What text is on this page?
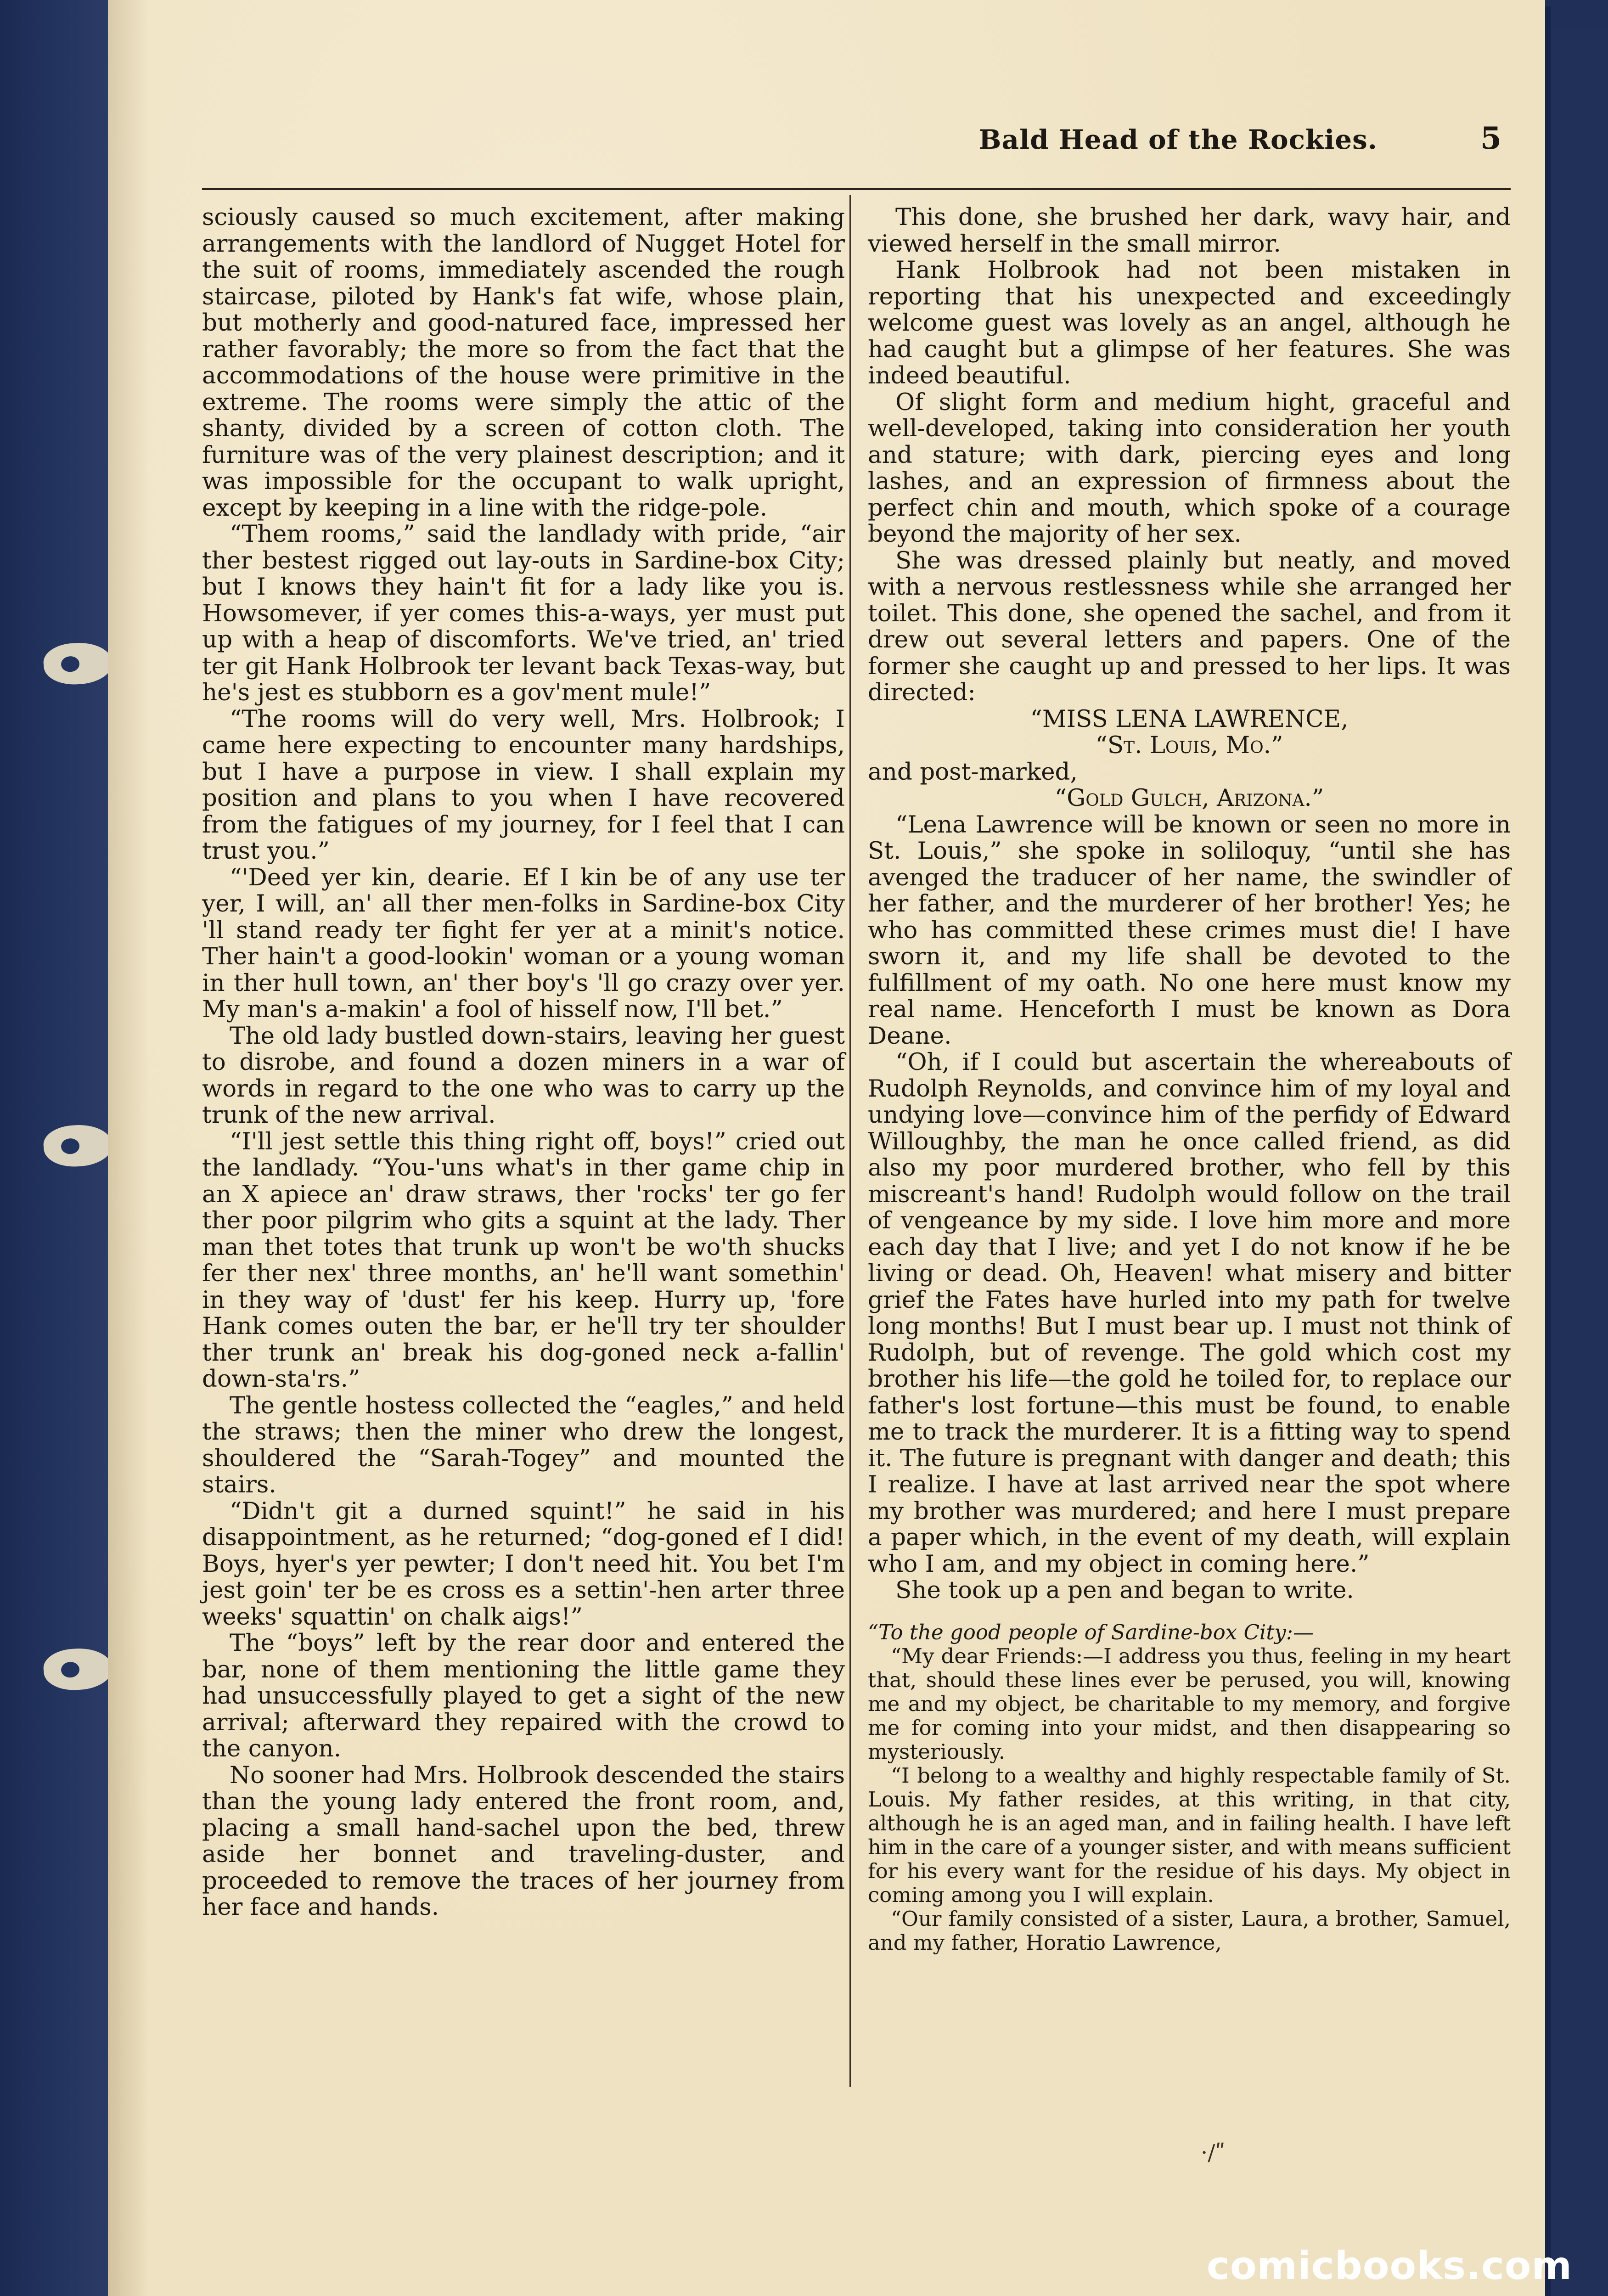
Bald Head of thе Rockies.	5

sciously caused so much excitement, after making arrangements with the landlord of Nugget Hotel for the suit of rooms, immediately ascended the rough staircase, piloted by Hank's fat wife, whose plain, but motherly and good-natured face, impressed her rather favorably; the more so from the fact that the accommodations of the house were primitive in the extreme. The rooms were simply the attic of the shanty, divided by a screen of cotton cloth. The furniture was of the very plainest description; and it was impossible for the occupant to walk upright, except by keeping in a line with the ridge-pole.

“Them rooms,” said the landlady with pride, “air ther bestest rigged out lay-outs in Sardine-box City; but I knows they hain't fit for a lady like you is. Howsomever, if yer comes this-a-ways, yer must put up with a heap of discomforts. We've tried, an' tried ter git Hank Holbrook ter levant back Texas-way, but he's jest es stubborn es a gov'ment mule!”

“The rooms will do very well, Mrs. Holbrook; I came here expecting to encounter many hardships, but I have a purpose in view. I shall explain my position and plans to you when I have recovered from the fatigues of my journey, for I feel that I can trust you.”

“'Deed yer kin, dearie. Ef I kin be of any use ter yer, I will, an' all ther men-folks in Sardine-box City 'll stand ready ter fight fer yer at a minit's notice. Ther hain't a good-lookin' woman or a young woman in ther hull town, an' ther boy's 'll go crazy over yer. My man's a-makin' a fool of hisself now, I'll bet.”

The old lady bustled down-stairs, leaving her guest to disrobe, and found a dozen miners in a war of words in regard to the one who was to carry up the trunk of the new arrival.

“I'll jest settle this thing right off, boys!” cried out the landlady. “You-'uns what's in ther game chip in an X apiece an' draw straws, ther 'rocks' ter go fer ther poor pilgrim who gits a squint at the lady. Ther man thet totes that trunk up won't be wo'th shucks fer ther nex' three months, an' he'll want somethin' in they way of 'dust' fer his keep. Hurry up, 'fore Hank comes outen the bar, er he'll try ter shoulder ther trunk an' break his dog-goned neck a-fallin' down-sta'rs.”

The gentle hostess collected the “eagles,” and held the straws; then the miner who drew the longest, shouldered the “Sarah-Togey” and mounted the stairs.

“Didn't git a durned squint!” he said in his disappointment, as he returned; “dog-goned ef I did! Boys, hyer's yer pewter; I don't need hit. You bet I'm jest goin' ter be es cross es a settin'-hen arter three weeks' squattin' on chalk aigs!”

The “boys” left by the rear door and entered the bar, none of them mentioning the little game they had unsuccessfully played to get a sight of the new arrival; afterward they repaired with the crowd to the canyon.

No sooner had Mrs. Holbrook descended the stairs than the young lady entered the front room, and, placing a small hand-sachel upon the bed, threw aside her bonnet and traveling-duster, and proceeded to remove the traces of her journey from her face and hands.

This done, she brushed her dark, wavy hair, and viewed herself in the small mirror.

Hank Holbrook had not been mistaken in reporting that his unexpected and exceedingly welcome guest was lovely as an angel, although he had caught but a glimpse of her features. She was indeed beautiful.

Of slight form and medium hight, graceful and well-developed, taking into consideration her youth and stature; with dark, piercing eyes and long lashes, and an expression of firmness about the perfect chin and mouth, which spoke of a courage beyond the majority of her sex.

She was dressed plainly but neatly, and moved with a nervous restlessness while she arranged her toilet. This done, she opened the sachel, and from it drew out several letters and papers. One of the former she caught up and pressed to her lips. It was directed:

“MISS LENA LAWRENCE,

“St. Louis, Mo.”

and post-marked,

“Gold Gulch, Arizona.”

“Lena Lawrence will be known or seen no more in St. Louis,” she spoke in soliloquy, “until she has avenged the traducer of her name, the swindler of her father, and the murderer of her brother! Yes; he who has committed these crimes must die! I have sworn it, and my life shall be devoted to the fulfillment of my oath. No one here must know my real name. Henceforth I must be known as Dora Deane.

“Oh, if I could but ascertain the whereabouts of Rudolph Reynolds, and convince him of my loyal and undying love—convince him of the perfidy of Edward Willoughby, the man he once called friend, as did also my poor murdered brother, who fell by this miscreant's hand! Rudolph would follow on the trail of vengeance by my side. I love him more and more each day that I live; and yet I do not know if he be living or dead. Oh, Heaven! what misery and bitter grief the Fates have hurled into my path for twelve long months! But I must bear up. I must not think of Rudolph, but of revenge. The gold which cost my brother his life—the gold he toiled for, to replace our father's lost fortune—this must be found, to enable me to track the murderer. It is a fitting way to spend it. The future is pregnant with danger and death; this I realize. I have at last arrived near the spot where my brother was murdered; and here I must prepare a paper which, in the event of my death, will explain who I am, and my object in coming here.”

She took up a pen and began to write.

“To the good people of Sardine-box City:—

“My dear Friends:—I address you thus, feeling in my heart that, should these lines ever be perused, you will, knowing me and my object, be charitable to my memory, and forgive me for coming into your midst, and then disappearing so mysteriously.

“I belong to a wealthy and highly respectable family of St. Louis. My father resides, at this writing, in that city, although he is an aged man, and in failing health. I have left him in the care of a younger sister, and with means sufficient for his every want for the residue of his days. My object in coming among you I will explain.

“Our family consisted of a sister, Laura, a brother, Samuel, and my father, Horatio Lawrence,

·/ʺ
comicbooks.com
